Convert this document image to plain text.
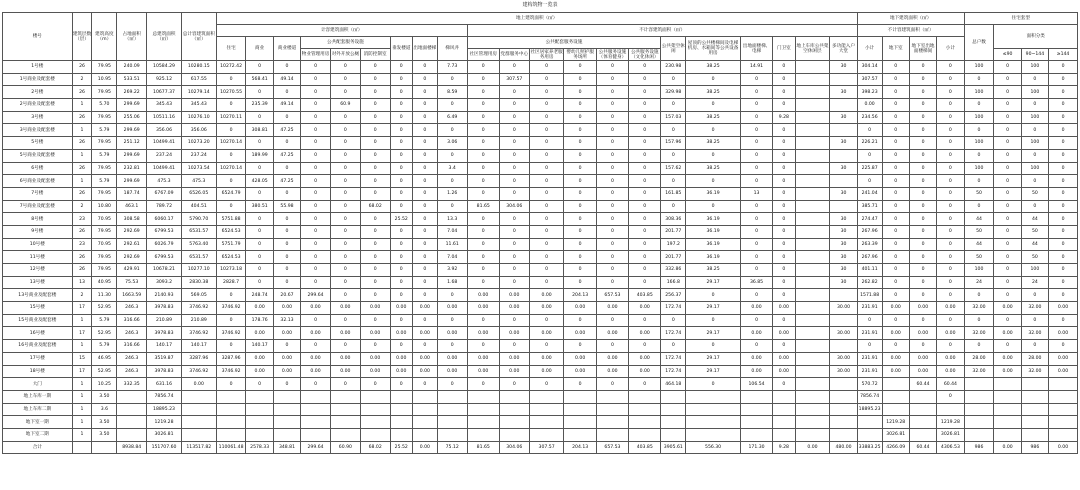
建构筑物一览表
楼号	建筑层数（层）	建筑高度（m）	占地面积（㎡）	总建筑面积（㎡）	总计容建筑面积（㎡）	地上建筑面积（㎡）																					地下建筑面积（㎡）				住宅套型			
						计容建筑面积（㎡）									不计容建筑面积（㎡）												不计容建筑面积（㎡）				总户数	面积分类		
						住宅	商业	商业楼道	公共配套服务设施			垂发楼道	出地面楼梯	梯风井	公共配套服务设施						公共架空休闲	屋顶的公共楼梯间及电梯机房、水箱间等公共设备用房	出地面楼梯、电梯	门卫室	地上车库公共架空休闲层	多功能入户大堂	小计	地下室	地下室出地面楼梯间	小计				
									物业管理用房	对外开放公厕	消防控制室				社区管理用房	党群服务中心	社区居家养老服务用房	婴幼儿照护服务场所	公共服务设施（体育健身）	公共服务设施（文化休闲）												≤90	90~144	≥144
1号楼	26	79.95	240.09	10584.29	10280.15	10272.42	0	0	0	0	0	0	0	7.73	0	0	0	0	0	0	230.98	38.25	14.91	0		30	304.14	0	0	0	100	0	100	0
1号商业及配套楼	2	10.95	533.51	925.12	617.55	0	568.41	49.14	0	0	0	0	0	0	0	307.57	0	0	0	0	0	0	0	0			307.57	0	0	0	0	0	0	0
2号楼	26	79.95	269.22	10677.37	10279.14	10270.55	0	0	0	0	0	0	0	8.59	0	0	0	0	0	0	329.98	38.25	0	0		30	398.23	0	0	0	100	0	100	0
2号商业及配套楼	1	5.70	299.69	345.43	345.43	0	235.39	49.14	0	60.9	0	0	0	0	0	0	0	0	0	0	0	0	0	0			0.00	0	0	0	0	0	0	0
3号楼	26	79.95	255.06	10511.16	10276.10	10270.11	0	0	0	0	0	0	0	6.49	0	0	0	0	0	0	157.03	38.25	0	9.28		30	234.56	0	0	0	100	0	100	0
3号商业及配套楼	1	5.79	299.69	356.06	356.06	0	308.81	47.25	0	0	0	0	0	0	0	0	0	0	0	0	0	0	0	0			0	0	0	0	0	0	0	0
5号楼	26	79.95	251.12	10499.41	10273.20	10270.14	0	0	0	0	0	0	0	3.06	0	0	0	0	0	0	157.96	38.25	0	0		30	226.21	0	0	0	100	0	100	0
5号商业及配套楼	1	5.79	299.69	237.24	237.24	0	189.99	47.25	0	0	0	0	0	0	0	0	0	0	0	0	0	0	0	0			0	0	0	0	0	0	0	0
6号楼	26	79.95	232.81	10499.41	10273.54	10270.14	0	0	0	0	0	0	0	3.4	0	0	0	0	0	0	157.62	38.25	0	0		30	225.87	0	0	0	100	0	100	0
6号商业及配套楼	1	5.79	299.69	475.3	475.3	0	428.05	47.25	0	0	0	0	0	0	0	0	0	0	0	0	0	0	0	0			0	0	0	0	0	0	0	0
7号楼	26	79.95	187.74	6767.09	6526.05	6524.79	0	0	0	0	0	0	0	1.26	0	0	0	0	0	0	161.85	36.19	13	0		30	241.04	0	0	0	50	0	50	0
7号商业及配套楼	2	10.80	463.1	789.72	404.51	0	380.51	55.98	0	0	68.02	0	0	0	81.65	304.06	0	0	0	0	0	0	0	0			385.71	0	0	0	0	0	0	0
8号楼	23	70.95	308.58	6060.17	5790.70	5751.88	0	0	0	0	0	25.52	0	13.3	0	0	0	0	0	0	308.36	36.19	0	0		30	274.47	0	0	0	44	0	44	0
9号楼	26	79.95	292.69	6799.53	6531.57	6524.53	0	0	0	0	0	0	0	7.04	0	0	0	0	0	0	201.77	36.19	0	0		30	267.96	0	0	0	50	0	50	0
10号楼	23	70.95	292.61	6026.79	5763.40	5751.79	0	0	0	0	0	0	0	11.61	0	0	0	0	0	0	197.2	36.19	0	0		30	263.39	0	0	0	44	0	44	0
11号楼	26	79.95	292.69	6799.53	6531.57	6524.53	0	0	0	0	0	0	0	7.04	0	0	0	0	0	0	201.77	36.19	0	0		30	267.96	0	0	0	50	0	50	0
12号楼	26	79.95	429.91	10678.21	10277.10	10273.18	0	0	0	0	0	0	0	3.92	0	0	0	0	0	0	332.86	38.25	0	0		30	401.11	0	0	0	100	0	100	0
13号楼	13	40.95	75.53	3093.2	2830.38	2828.7	0	0	0	0	0	0	0	1.68	0	0	0	0	0	0	166.8	29.17	36.85	0		30	262.82	0	0	0	24	0	24	0
13号商业及配套楼	2	11.30	1663.59	2140.93	569.05	0	248.74	20.67	299.64	0	0	0	0	0	0.00	0.00	0.00	204.13	657.53	403.85	256.37	0	0	0			1571.88	0	0	0	0	0	0	0
15号楼	17	52.95	246.3	3978.83	3746.92	3746.92	0.00	0.00	0.00	0.00	0.00	0.00	0.00	0.00	0.00	0.00	0.00	0.00	0.00	0.00	172.74	29.17	0.00	0.00		30.00	231.91	0.00	0.00	0.00	32.00	0.00	32.00	0.00
15号商业及配套楼	1	5.79	316.66	210.89	210.89	0	178.76	32.13	0	0	0	0	0	0	0	0	0	0	0	0	0	0	0	0			0	0	0	0	0	0	0	0
16号楼	17	52.95	246.3	3978.83	3746.92	3746.92	0.00	0.00	0.00	0.00	0.00	0.00	0.00	0.00	0.00	0.00	0.00	0.00	0.00	0.00	172.74	29.17	0.00	0.00		30.00	231.91	0.00	0.00	0.00	32.00	0.00	32.00	0.00
16号商业及配套楼	1	5.79	316.66	140.17	140.17	0	140.17	0	0	0	0	0	0	0	0	0	0	0	0	0	0	0	0	0			0	0	0	0	0	0	0	0
17号楼	15	46.95	246.3	3519.87	3287.96	3287.96	0.00	0.00	0.00	0.00	0.00	0.00	0.00	0.00	0.00	0.00	0.00	0.00	0.00	0.00	172.74	29.17	0.00	0.00		30.00	231.91	0.00	0.00	0.00	28.00	0.00	28.00	0.00
18号楼	17	52.95	246.3	3978.83	3746.92	3746.92	0.00	0.00	0.00	0.00	0.00	0.00	0.00	0.00	0.00	0.00	0.00	0.00	0.00	0.00	172.74	29.17	0.00	0.00		30.00	231.91	0.00	0.00	0.00	32.00	0.00	32.00	0.00
大门	1	10.25	332.35	631.16	0.00	0	0	0	0	0	0	0	0	0	0	0	0	0	0	0	464.18	0	106.54	0			570.72		60.44	60.44				
地上车库一期	1	3.50		7856.74																							7856.74			0				
地上车库二期	1	3.6		18895.23																							18895.23							
地下室一期	1	3.50		1219.28																								1219.28		1219.28				
地下室二期	1	3.50		3026.81																								3026.81		3026.81				
合计			8938.84	151707.60	113517.82	110061.48	2578.33	348.81	299.64	60.90	68.02	25.52	0.00	75.12	81.65	304.06	307.57	204.13	657.53	403.85	3905.61	556.30	171.30	9.28	0.00	480.00	33883.25	4266.09	60.44	4306.53	986	0.00	986	0.00
